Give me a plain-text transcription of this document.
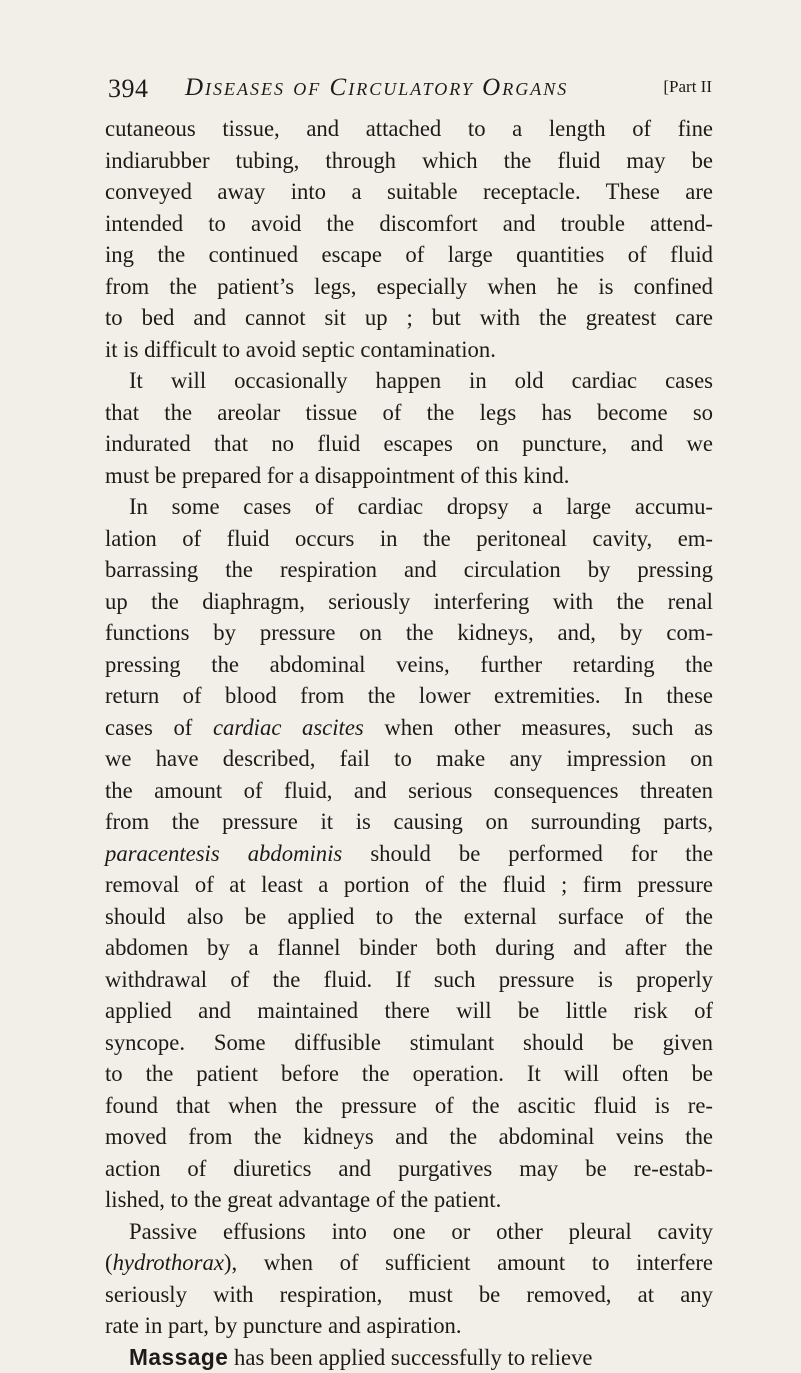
394 Diseases of Circulatory Organs	[Part II

cutaneous tissue, and attached to a length of fine
indiarubber tubing, through which the fluid may be
conveyed away into a suitable receptacle. These are
intended to avoid the discomfort and trouble attend-
ing the continued escape of large quantities of fluid
from the patient’s legs, especially when he is confined
to bed and cannot sit up ; but with the greatest care
it is difficult to avoid septic contamination.

It will occasionally happen in old cardiac cases
that the areolar tissue of the legs has become so
indurated that no fluid escapes on puncture, and we
must be prepared for a disappointment of this kind.

In some cases of cardiac dropsy a large accumu-
lation of fluid occurs in the peritoneal cavity, em-
barrassing the respiration and circulation by pressing
up the diaphragm, seriously interfering with the renal
functions by pressure on the kidneys, and, by com-
pressing the abdominal veins, further retarding the
return of blood from the lower extremities. In these
cases of cardiac ascites when other measures, such as
we have described, fail to make any impression on
the amount of fluid, and serious consequences threaten
from the pressure it is causing on surrounding parts,
paracentesis abdominis should be performed for the
removal of at least a portion of the fluid ; firm pressure
should also be applied to the external surface of the
abdomen by a flannel binder both during and after the
withdrawal of the fluid. If such pressure is properly
applied and maintained there will be little risk of
syncope. Some diffusible stimulant should be given
to the patient before the operation. It will often be
found that when the pressure of the ascitic fluid is re-
moved from the kidneys and the abdominal veins the
action of diuretics and purgatives may be re-estab-
lished, to the great advantage of the patient.

Passive effusions into one or other pleural cavity
(hydrothorax), when of sufficient amount to interfere
seriously with respiration, must be removed, at any
rate in part, by puncture and aspiration.

Massage has been applied successfully to relieve
